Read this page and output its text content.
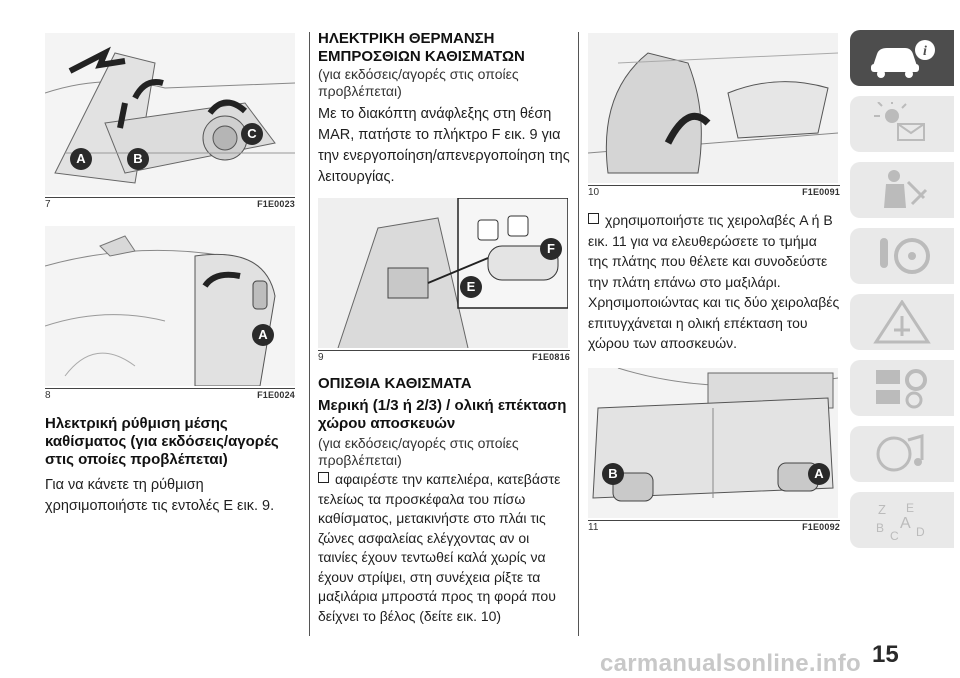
A	B
C
7	F1E0023
A
8	F1E0024
Ηλεκτρική ρύθμιση μέσης καθίσματος (για εκδόσεις/αγορές στις οποίες προβλέπεται)

Για να κάνετε τη ρύθμιση χρησιμοποιήστε τις εντολές E εικ. 9.

ΗΛΕΚΤΡΙΚΗ ΘΕΡΜΑΝΣΗ ΕΜΠΡΟΣΘΙΩΝ ΚΑΘΙΣΜΑΤΩΝ
(για εκδόσεις/αγορές στις οποίες προβλέπεται)

Με το διακόπτη ανάφλεξης στη θέση MAR, πατήστε το πλήκτρο F εικ. 9 για την ενεργοποίηση/απενεργοποίηση της λειτουργίας.

F
E
9	F1E0816
ΟΠΙΣΘΙΑ ΚΑΘΙΣΜΑΤΑ
Μερική (1/3 ή 2/3) / ολική επέκταση χώρου αποσκευών
(για εκδόσεις/αγορές στις οποίες προβλέπεται)

αφαιρέστε την καπελιέρα, κατεβάστε τελείως τα προσκέφαλα του πίσω καθίσματος, μετακινήστε στο πλάι τις ζώνες ασφαλείας ελέγχοντας αν οι ταινίες έχουν τεντωθεί καλά χωρίς να έχουν στρίψει, στη συνέχεια ρίξτε τα μαξιλάρια μπροστά προς τη φορά που δείχνει το βέλος (δείτε εικ. 10)

10	F1E0091

χρησιμοποιήστε τις χειρολαβές A ή B εικ. 11 για να ελευθερώσετε το τμήμα της πλάτης που θέλετε και συνοδεύστε την πλάτη επάνω στο μαξιλάρι. Χρησιμοποιώντας και τις δύο χειρολαβές επιτυγχάνεται η ολική επέκταση του χώρου των αποσκευών.

B	A
11	F1E0092
i
Z E
B A D
C
15
carmanualsonline.info
